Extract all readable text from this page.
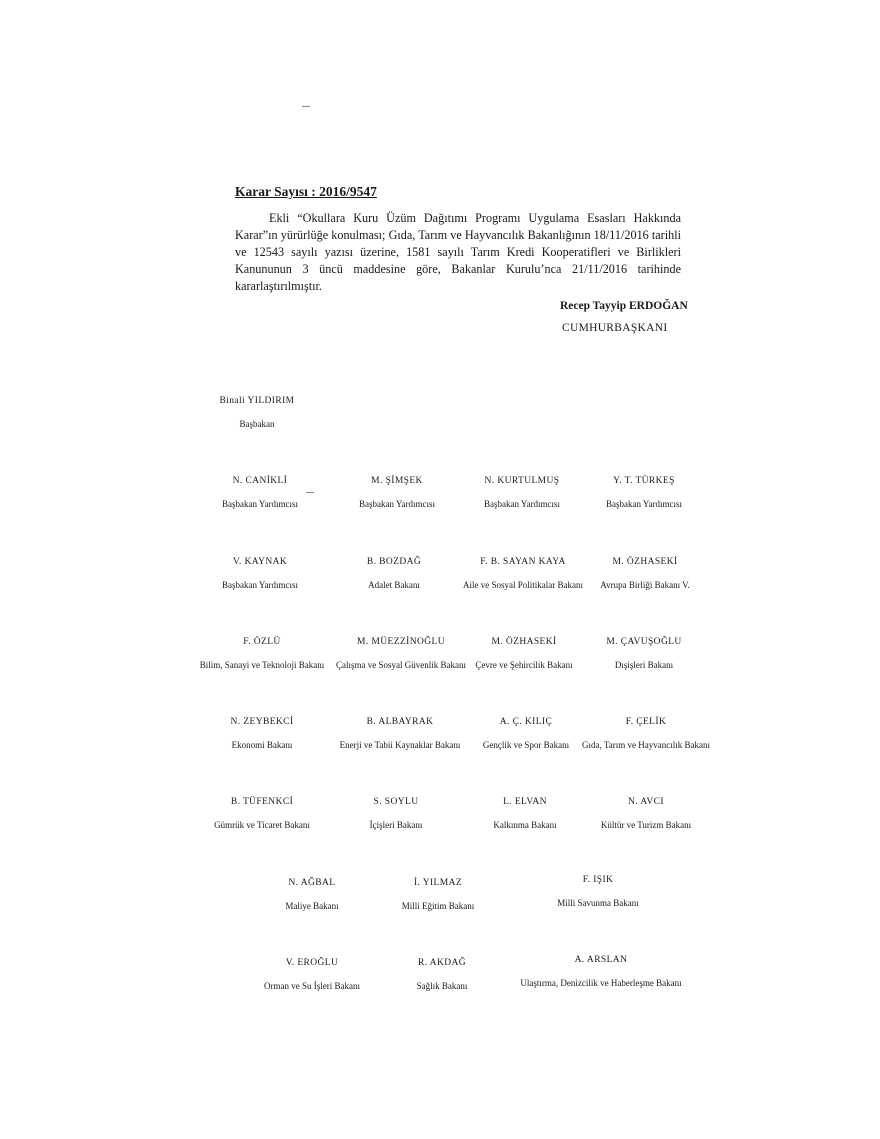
Karar Sayısı : 2016/9547
Ekli “Okullara Kuru Üzüm Dağıtımı Programı Uygulama Esasları Hakkında Karar”ın yürürlüğe konulması; Gıda, Tarım ve Hayvancılık Bakanlığının 18/11/2016 tarihli ve 12543 sayılı yazısı üzerine, 1581 sayılı Tarım Kredi Kooperatifleri ve Birlikleri Kanununun 3 üncü maddesine göre, Bakanlar Kurulu’nca 21/11/2016 tarihinde kararlaştırılmıştır.
Recep Tayyip ERDOĞAN
CUMHURBAŞKANI
Binali YILDIRIM
Başbakan
N. CANİKLİ
Başbakan Yardımcısı
M. ŞİMŞEK
Başbakan Yardımcısı
N. KURTULMUŞ
Başbakan Yardımcısı
Y. T. TÜRKEŞ
Başbakan Yardımcısı
V. KAYNAK
Başbakan Yardımcısı
B. BOZDAĞ
Adalet Bakanı
F. B. SAYAN KAYA
Aile ve Sosyal Politikalar Bakanı
M. ÖZHASEKİ
Avrupa Birliği Bakanı V.
F. ÖZLÜ
Bilim, Sanayi ve Teknoloji Bakanı
M. MÜEZZİNOĞLU
Çalışma ve Sosyal Güvenlik Bakanı
M. ÖZHASEKİ
Çevre ve Şehircilik Bakanı
M. ÇAVUŞOĞLU
Dışişleri Bakanı
N. ZEYBEKCİ
Ekonomi Bakanı
B. ALBAYRAK
Enerji ve Tabii Kaynaklar Bakanı
A. Ç. KILIÇ
Gençlik ve Spor Bakanı
F. ÇELİK
Gıda, Tarım ve Hayvancılık Bakanı
B. TÜFENKCİ
Gümrük ve Ticaret Bakanı
S. SOYLU
İçişleri Bakanı
L. ELVAN
Kalkınma Bakanı
N. AVCI
Kültür ve Turizm Bakanı
N. AĞBAL
Maliye Bakanı
İ. YILMAZ
Milli Eğitim Bakanı
F. IŞIK
Milli Savunma Bakanı
V. EROĞLU
Orman ve Su İşleri Bakanı
R. AKDAĞ
Sağlık Bakanı
A. ARSLAN
Ulaştırma, Denizcilik ve Haberleşme Bakanı
